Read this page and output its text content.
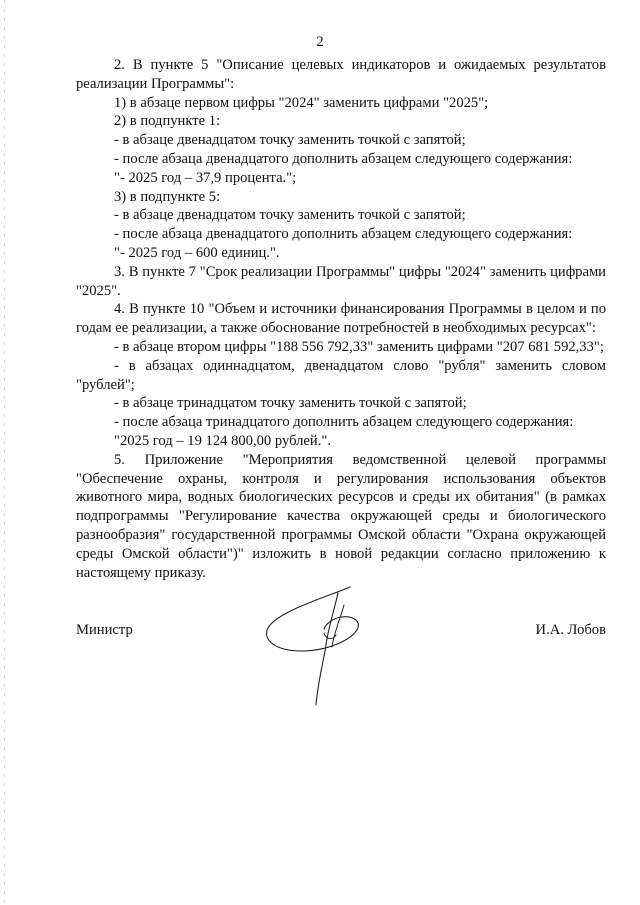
2

2. В пункте 5 "Описание целевых индикаторов и ожидаемых результатов реализации Программы":

1) в абзаце первом цифры "2024" заменить цифрами "2025";

2) в подпункте 1:

- в абзаце двенадцатом точку заменить точкой с запятой;

- после абзаца двенадцатого дополнить абзацем следующего содержания:

"- 2025 год – 37,9 процента.";

3) в подпункте 5:

- в абзаце двенадцатом точку заменить точкой с запятой;

- после абзаца двенадцатого дополнить абзацем следующего содержания:

"- 2025 год – 600 единиц.".

3. В пункте 7 "Срок реализации Программы" цифры "2024" заменить цифрами "2025".

4. В пункте 10 "Объем и источники финансирования Программы в целом и по годам ее реализации, а также обоснование потребностей в необходимых ресурсах":

- в абзаце втором цифры "188 556 792,33" заменить цифрами "207 681 592,33";

- в абзацах одиннадцатом, двенадцатом слово "рубля" заменить словом "рублей";

- в абзаце тринадцатом точку заменить точкой с запятой;

- после абзаца тринадцатого дополнить абзацем следующего содержания:

"2025 год – 19 124 800,00 рублей.".

5. Приложение "Мероприятия ведомственной целевой программы "Обеспечение охраны, контроля и регулирования использования объектов животного мира, водных биологических ресурсов и среды их обитания" (в рамках подпрограммы "Регулирование качества окружающей среды и биологического разнообразия" государственной программы Омской области "Охрана окружающей среды Омской области")" изложить в новой редакции согласно приложению к настоящему приказу.

Министр	И.А. Лобов
